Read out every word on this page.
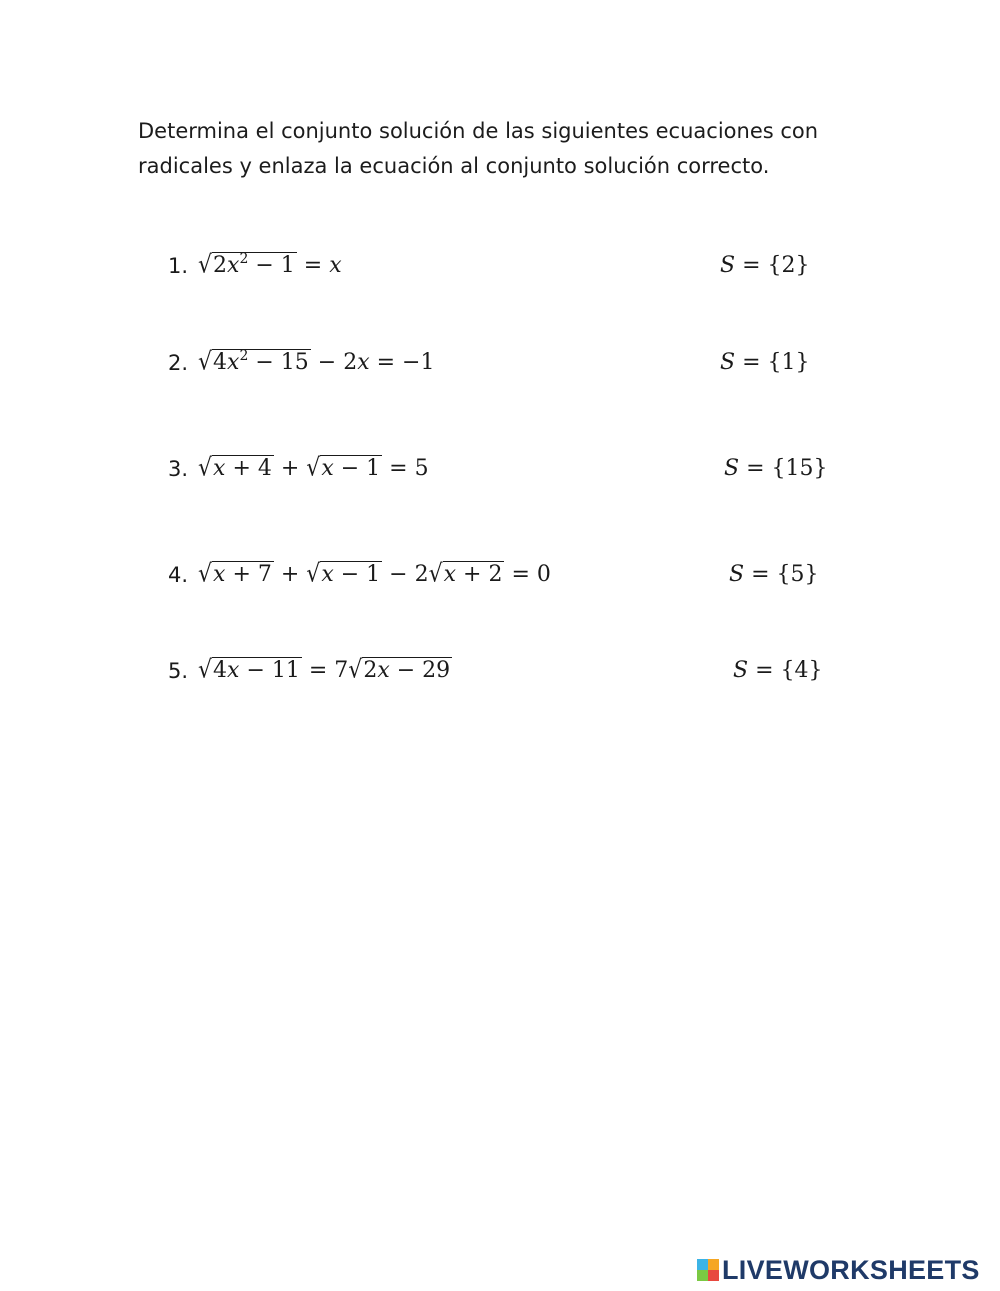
Determina el conjunto solución de las siguientes ecuaciones con

radicales y enlaza la ecuación al conjunto solución correcto.

1. $√2x^2 - 1 = x$	S = {2}
2. $√4x^2 - 15 - 2x = -1$	S = {1}
3. √x + 4 + √x − 1 = 5	S = {15}
4. √x + 7 + √x − 1 − 2√x + 2 = 0	S = {5}
5. √4x − 11 = 7√2x − 29	S = {4}
LIVEWORKSHEETS
